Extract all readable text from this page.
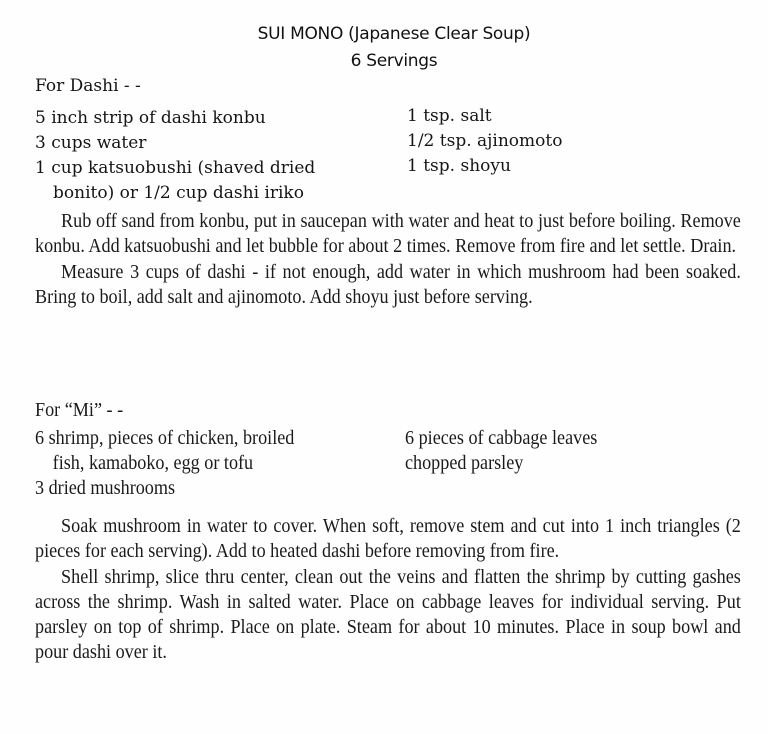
SUI MONO (Japanese Clear Soup)
6 Servings
For Dashi - -
5 inch strip of dashi konbu
3 cups water
1 cup katsuobushi (shaved dried
bonito) or 1/2 cup dashi iriko
1 tsp. salt
1/2 tsp. ajinomoto
1 tsp. shoyu

Rub off sand from konbu, put in saucepan with water and heat to just before boiling. Remove konbu. Add katsuobushi and let bubble for about 2 times. Remove from fire and let settle. Drain.

Measure 3 cups of dashi - if not enough, add water in which mushroom had been soaked. Bring to boil, add salt and ajinomoto. Add shoyu just before serving.

For “Mi” - -
6 shrimp, pieces of chicken, broiled
fish, kamaboko, egg or tofu
3 dried mushrooms
6 pieces of cabbage leaves
chopped parsley

Soak mushroom in water to cover. When soft, remove stem and cut into 1 inch triangles (2 pieces for each serving). Add to heated dashi before removing from fire.

Shell shrimp, slice thru center, clean out the veins and flatten the shrimp by cutting gashes across the shrimp. Wash in salted water. Place on cabbage leaves for individual serving. Put parsley on top of shrimp. Place on plate. Steam for about 10 minutes. Place in soup bowl and pour dashi over it.
